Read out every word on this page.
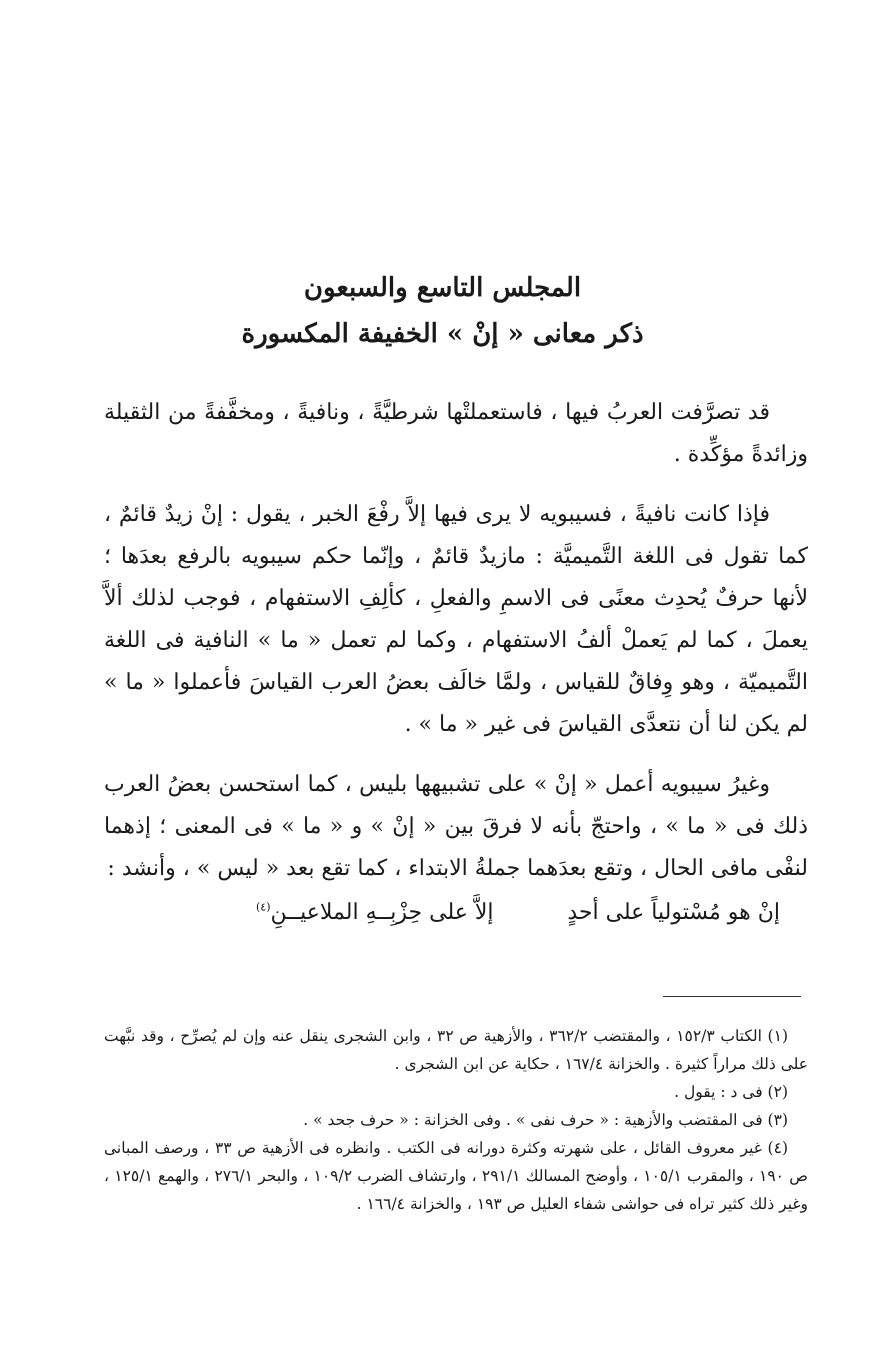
المجلس التاسع والسبعون
ذكر معانى « إنْ » الخفيفة المكسورة

قد تصرَّفت العربُ فيها ، فاستعملتْها شرطيَّةً ، ونافيةً ، ومخفَّفةً من الثقيلة وزائدةً مؤكِّدة .

فإذا كانت نافيةً ، فسيبويه لا يرى فيها إلاَّ رفْعَ الخبر ، يقول : إنْ زيدٌ قائمٌ ، كما تقول فى اللغة التَّميميَّة : مازيدٌ قائمٌ ، وإنّما حكم سيبويه بالرفع بعدَها ؛ لأنها حرفٌ يُحدِث معنًى فى الاسمِ والفعلِ ، كألِفِ الاستفهام ، فوجب لذلك ألاَّ يعملَ ، كما لم يَعملْ ألفُ الاستفهام ، وكما لم تعمل « ما » النافية فى اللغة التَّميميّة ، وهو وِفاقٌ للقياس ، ولمَّا خالَف بعضُ العرب القياسَ فأعملوا « ما » لم يكن لنا أن نتعدَّى القياسَ فى غير « ما » .

وغيرُ سيبويه أعمل « إنْ » على تشبيهها بليس ، كما استحسن بعضُ العرب ذلك فى « ما » ، واحتجّ بأنه لا فرقَ بين « إنْ » و « ما » فى المعنى ؛ إذهما لنفْى مافى الحال ، وتقع بعدَهما جملةُ الابتداء ، كما تقع بعد « ليس » ، وأنشد :

إنْ هو مُسْتولياً على أحدٍ
إلاَّ على حِزْبِــهِ الملاعيــنِ$^{(٤)}$

(١) الكتاب ١٥٢/٣ ، والمقتضب ٣٦٢/٢ ، والأزهية ص ٣٢ ، وابن الشجرى ينقل عنه وإن لم يُصرِّح ، وقد نبَّهت على ذلك مراراً كثيرة . والخزانة ١٦٧/٤ ، حكاية عن ابن الشجرى .

(٢) فى د : يقول .

(٣) فى المقتضب والأزهية : « حرف نفى » . وفى الخزانة : « حرف جحد » .

(٤) غير معروف القائل ، على شهرته وكثرة دورانه فى الكتب . وانظره فى الأزهية ص ٣٣ ، ورصف المبانى ص ١٩٠ ، والمقرب ١٠٥/١ ، وأوضح المسالك ٢٩١/١ ، وارتشاف الضرب ١٠٩/٢ ، والبحر ٢٧٦/١ ، والهمع ١٢٥/١ ، وغير ذلك كثير تراه فى حواشى شفاء العليل ص ١٩٣ ، والخزانة ١٦٦/٤ .
